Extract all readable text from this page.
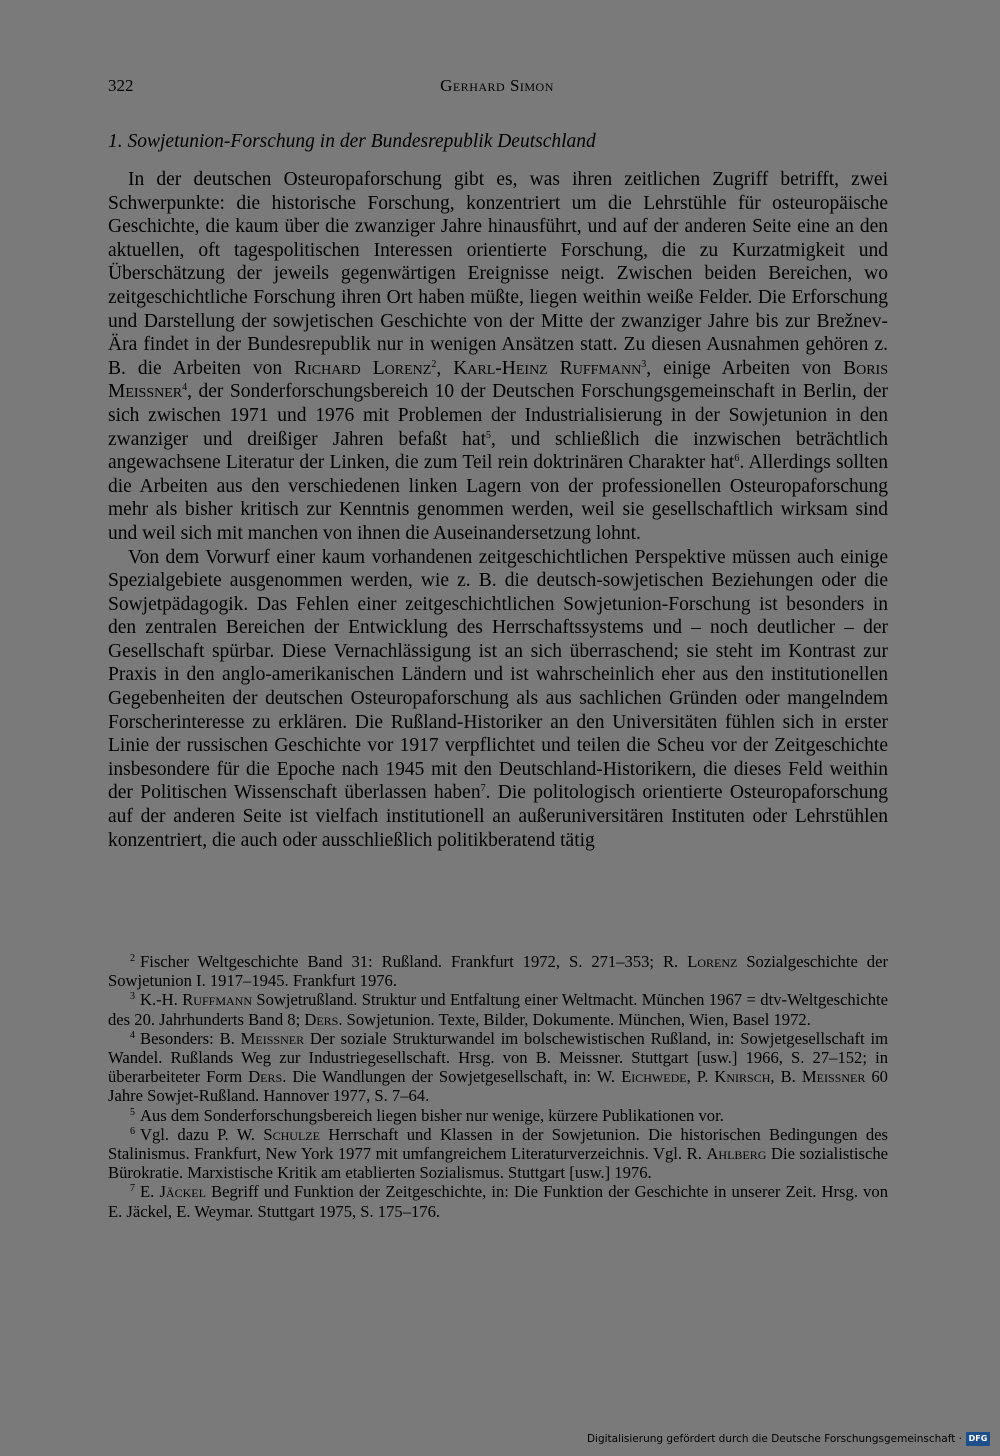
322	Gerhard Simon
1. Sowjetunion-Forschung in der Bundesrepublik Deutschland

In der deutschen Osteuropaforschung gibt es, was ihren zeitlichen Zugriff betrifft, zwei Schwerpunkte: die historische Forschung, konzentriert um die Lehrstühle für osteuropäische Geschichte, die kaum über die zwanziger Jahre hinausführt, und auf der anderen Seite eine an den aktuellen, oft tagespolitischen Interessen orientierte Forschung, die zu Kurzatmigkeit und Überschätzung der jeweils gegenwärtigen Ereignisse neigt. Zwischen beiden Bereichen, wo zeitgeschichtliche Forschung ihren Ort haben müßte, liegen weithin weiße Felder. Die Erforschung und Darstellung der sowjetischen Geschichte von der Mitte der zwanziger Jahre bis zur Brežnev-Ära findet in der Bundesrepublik nur in wenigen Ansätzen statt. Zu diesen Ausnahmen gehören z. B. die Arbeiten von Richard Lorenz$^2$, Karl-Heinz Ruffmann$^3$, einige Arbeiten von Boris Meissner$^4$, der Sonderforschungsbereich 10 der Deutschen Forschungsgemeinschaft in Berlin, der sich zwischen 1971 und 1976 mit Problemen der Industrialisierung in der Sowjetunion in den zwanziger und dreißiger Jahren befaßt hat$^5$, und schließlich die inzwischen beträchtlich angewachsene Literatur der Linken, die zum Teil rein doktrinären Charakter hat$^6$. Allerdings sollten die Arbeiten aus den verschiedenen linken Lagern von der professionellen Osteuropaforschung mehr als bisher kritisch zur Kenntnis genommen werden, weil sie gesellschaftlich wirksam sind und weil sich mit manchen von ihnen die Auseinandersetzung lohnt.

Von dem Vorwurf einer kaum vorhandenen zeitgeschichtlichen Perspektive müssen auch einige Spezialgebiete ausgenommen werden, wie z. B. die deutsch-sowjetischen Beziehungen oder die Sowjetpädagogik. Das Fehlen einer zeitgeschichtlichen Sowjetunion-Forschung ist besonders in den zentralen Bereichen der Entwicklung des Herrschaftssystems und – noch deutlicher – der Gesellschaft spürbar. Diese Vernachlässigung ist an sich überraschend; sie steht im Kontrast zur Praxis in den anglo-amerikanischen Ländern und ist wahrscheinlich eher aus den institutionellen Gegebenheiten der deutschen Osteuropaforschung als aus sachlichen Gründen oder mangelndem Forscherinteresse zu erklären. Die Rußland-Historiker an den Universitäten fühlen sich in erster Linie der russischen Geschichte vor 1917 verpflichtet und teilen die Scheu vor der Zeitgeschichte insbesondere für die Epoche nach 1945 mit den Deutschland-Historikern, die dieses Feld weithin der Politischen Wissenschaft überlassen haben$^7$. Die politologisch orientierte Osteuropaforschung auf der anderen Seite ist vielfach institutionell an außeruniversitären Instituten oder Lehrstühlen konzentriert, die auch oder ausschließlich politikberatend tätig

$^2$ Fischer Weltgeschichte Band 31: Rußland. Frankfurt 1972, S. 271–353; R. Lorenz Sozialgeschichte der Sowjetunion I. 1917–1945. Frankfurt 1976.

$^3$ K.-H. Ruffmann Sowjetrußland. Struktur und Entfaltung einer Weltmacht. München 1967 = dtv-Weltgeschichte des 20. Jahrhunderts Band 8; Ders. Sowjetunion. Texte, Bilder, Dokumente. München, Wien, Basel 1972.

$^4$ Besonders: B. Meissner Der soziale Strukturwandel im bolschewistischen Rußland, in: Sowjetgesellschaft im Wandel. Rußlands Weg zur Industriegesellschaft. Hrsg. von B. Meissner. Stuttgart [usw.] 1966, S. 27–152; in überarbeiteter Form Ders. Die Wandlungen der Sowjetgesellschaft, in: W. Eichwede, P. Knirsch, B. Meissner 60 Jahre Sowjet-Rußland. Hannover 1977, S. 7–64.

$^5$ Aus dem Sonderforschungsbereich liegen bisher nur wenige, kürzere Publikationen vor.

$^6$ Vgl. dazu P. W. Schulze Herrschaft und Klassen in der Sowjetunion. Die historischen Bedingungen des Stalinismus. Frankfurt, New York 1977 mit umfangreichem Literaturverzeichnis. Vgl. R. Ahlberg Die sozialistische Bürokratie. Marxistische Kritik am etablierten Sozialismus. Stuttgart [usw.] 1976.

$^7$ E. Jäckel Begriff und Funktion der Zeitgeschichte, in: Die Funktion der Geschichte in unserer Zeit. Hrsg. von E. Jäckel, E. Weymar. Stuttgart 1975, S. 175–176.

Digitalisierung gefördert durch die Deutsche Forschungsgemeinschaft · DFG
